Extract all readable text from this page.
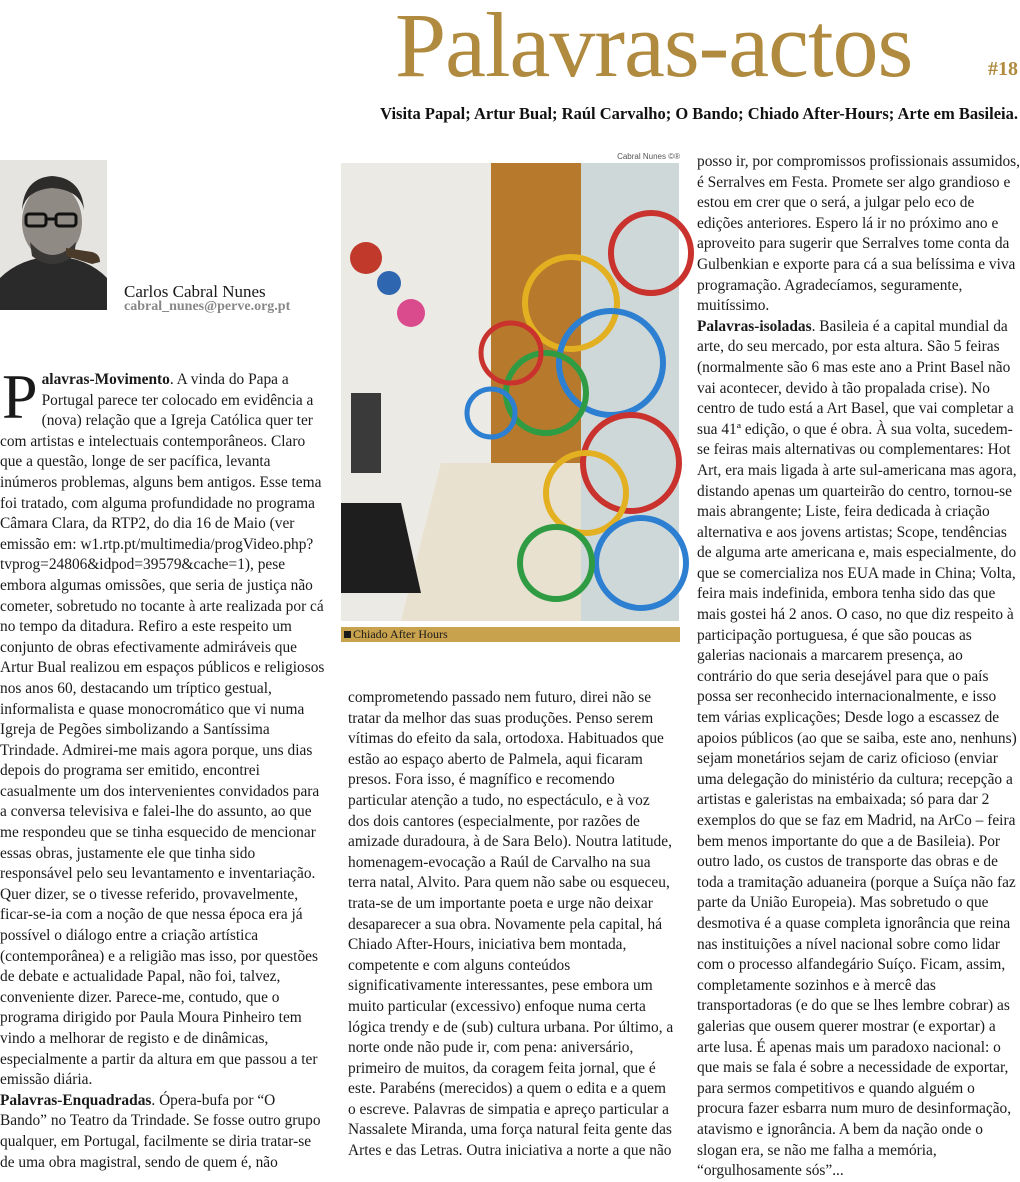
Palavras-actos	#18
Visita Papal; Artur Bual; Raúl Carvalho; O Bando; Chiado After-Hours; Arte em Basileia.
Carlos Cabral Nunes
cabral_nunes@perve.org.pt

Palavras-Movimento. A vinda do Papa a Portugal parece ter colocado em evidência a (nova) relação que a Igreja Católica quer ter com artistas e intelectuais contemporâneos. Claro que a questão, longe de ser pacífica, levanta inúmeros problemas, alguns bem antigos. Esse tema foi tratado, com alguma profundidade no programa Câmara Clara, da RTP2, do dia 16 de Maio (ver emissão em: w1.rtp.pt/multimedia/progVideo.php?tvprog=24806&idpod=39579&cache=1), pese embora algumas omissões, que seria de justiça não cometer, sobretudo no tocante à arte realizada por cá no tempo da ditadura. Refiro a este respeito um conjunto de obras efectivamente admiráveis que Artur Bual realizou em espaços públicos e religiosos nos anos 60, destacando um tríptico gestual, informalista e quase monocromático que vi numa Igreja de Pegões simbolizando a Santíssima Trindade. Admirei-me mais agora porque, uns dias depois do programa ser emitido, encontrei casualmente um dos intervenientes convidados para a conversa televisiva e falei-lhe do assunto, ao que me respondeu que se tinha esquecido de mencionar essas obras, justamente ele que tinha sido responsável pelo seu levantamento e inventariação. Quer dizer, se o tivesse referido, provavelmente, ficar-se-ia com a noção de que nessa época era já possível o diálogo entre a criação artística (contemporânea) e a religião mas isso, por questões de debate e actualidade Papal, não foi, talvez, conveniente dizer. Parece-me, contudo, que o programa dirigido por Paula Moura Pinheiro tem vindo a melhorar de registo e de dinâmicas, especialmente a partir da altura em que passou a ter emissão diária.

Palavras-Enquadradas. Ópera-bufa por “O Bando” no Teatro da Trindade. Se fosse outro grupo qualquer, em Portugal, facilmente se diria tratar-se de uma obra magistral, sendo de quem é, não

Cabral Nunes ©®
Chiado After Hours

comprometendo passado nem futuro, direi não se tratar da melhor das suas produções. Penso serem vítimas do efeito da sala, ortodoxa. Habituados que estão ao espaço aberto de Palmela, aqui ficaram presos. Fora isso, é magnífico e recomendo particular atenção a tudo, no espectáculo, e à voz dos dois cantores (especialmente, por razões de amizade duradoura, à de Sara Belo). Noutra latitude, homenagem-evocação a Raúl de Carvalho na sua terra natal, Alvito. Para quem não sabe ou esqueceu, trata-se de um importante poeta e urge não deixar desaparecer a sua obra. Novamente pela capital, há Chiado After-Hours, iniciativa bem montada, competente e com alguns conteúdos significativamente interessantes, pese embora um muito particular (excessivo) enfoque numa certa lógica trendy e de (sub) cultura urbana. Por último, a norte onde não pude ir, com pena: aniversário, primeiro de muitos, da coragem feita jornal, que é este. Parabéns (merecidos) a quem o edita e a quem o escreve. Palavras de simpatia e apreço particular a Nassalete Miranda, uma força natural feita gente das Artes e das Letras. Outra iniciativa a norte a que não

posso ir, por compromissos profissionais assumidos, é Serralves em Festa. Promete ser algo grandioso e estou em crer que o será, a julgar pelo eco de edições anteriores. Espero lá ir no próximo ano e aproveito para sugerir que Serralves tome conta da Gulbenkian e exporte para cá a sua belíssima e viva programação. Agradecíamos, seguramente, muitíssimo.

Palavras-isoladas. Basileia é a capital mundial da arte, do seu mercado, por esta altura. São 5 feiras (normalmente são 6 mas este ano a Print Basel não vai acontecer, devido à tão propalada crise). No centro de tudo está a Art Basel, que vai completar a sua 41ª edição, o que é obra. À sua volta, sucedem-se feiras mais alternativas ou complementares: Hot Art, era mais ligada à arte sul-americana mas agora, distando apenas um quarteirão do centro, tornou-se mais abrangente; Liste, feira dedicada à criação alternativa e aos jovens artistas; Scope, tendências de alguma arte americana e, mais especialmente, do que se comercializa nos EUA made in China; Volta, feira mais indefinida, embora tenha sido das que mais gostei há 2 anos. O caso, no que diz respeito à participação portuguesa, é que são poucas as galerias nacionais a marcarem presença, ao contrário do que seria desejável para que o país possa ser reconhecido internacionalmente, e isso tem várias explicações; Desde logo a escassez de apoios públicos (ao que se saiba, este ano, nenhuns) sejam monetários sejam de cariz oficioso (enviar uma delegação do ministério da cultura; recepção a artistas e galeristas na embaixada; só para dar 2 exemplos do que se faz em Madrid, na ArCo – feira bem menos importante do que a de Basileia). Por outro lado, os custos de transporte das obras e de toda a tramitação aduaneira (porque a Suíça não faz parte da União Europeia). Mas sobretudo o que desmotiva é a quase completa ignorância que reina nas instituições a nível nacional sobre como lidar com o processo alfandegário Suíço. Ficam, assim, completamente sozinhos e à mercê das transportadoras (e do que se lhes lembre cobrar) as galerias que ousem querer mostrar (e exportar) a arte lusa. É apenas mais um paradoxo nacional: o que mais se fala é sobre a necessidade de exportar, para sermos competitivos e quando alguém o procura fazer esbarra num muro de desinformação, atavismo e ignorância. A bem da nação onde o slogan era, se não me falha a memória, “orgulhosamente sós”...
